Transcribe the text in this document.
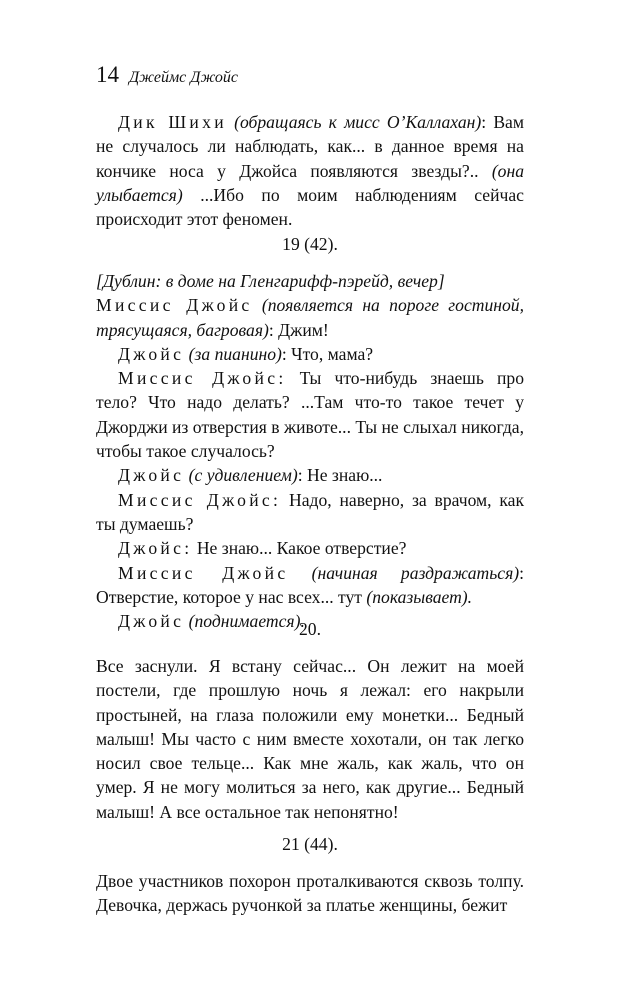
14 Джеймс Джойс

Дик Шихи (обращаясь к мисс О’Каллахан): Вам не случалось ли наблюдать, как... в данное время на кончике носа у Джойса появляются звезды?.. (она улыбается) ...Ибо по моим наблюдениям сейчас происходит этот феномен.

19 (42).

[Дублин: в доме на Гленгарифф-пэрейд, вечер]

Миссис Джойс (появляется на пороге гостиной, трясущаяся, багровая): Джим!

Джойс (за пианино): Что, мама?

Миссис Джойс: Ты что-нибудь знаешь про тело? Что надо делать? ...Там что-то такое течет у Джорджи из отверстия в животе... Ты не слыхал никогда, чтобы такое случалось?

Джойс (с удивлением): Не знаю...

Миссис Джойс: Надо, наверно, за врачом, как ты думаешь?

Джойс: Не знаю... Какое отверстие?

Миссис Джойс (начиная раздражаться): Отверстие, которое у нас всех... тут (показывает).

Джойс (поднимается).

20.

Все заснули. Я встану сейчас... Он лежит на моей постели, где прошлую ночь я лежал: его накрыли простыней, на глаза положили ему монетки... Бедный малыш! Мы часто с ним вместе хохотали, он так легко носил свое тельце... Как мне жаль, как жаль, что он умер. Я не могу молиться за него, как другие... Бедный малыш! А все остальное так непонятно!

21 (44).

Двое участников похорон проталкиваются сквозь толпу. Девочка, держась ручонкой за платье женщины, бежит
